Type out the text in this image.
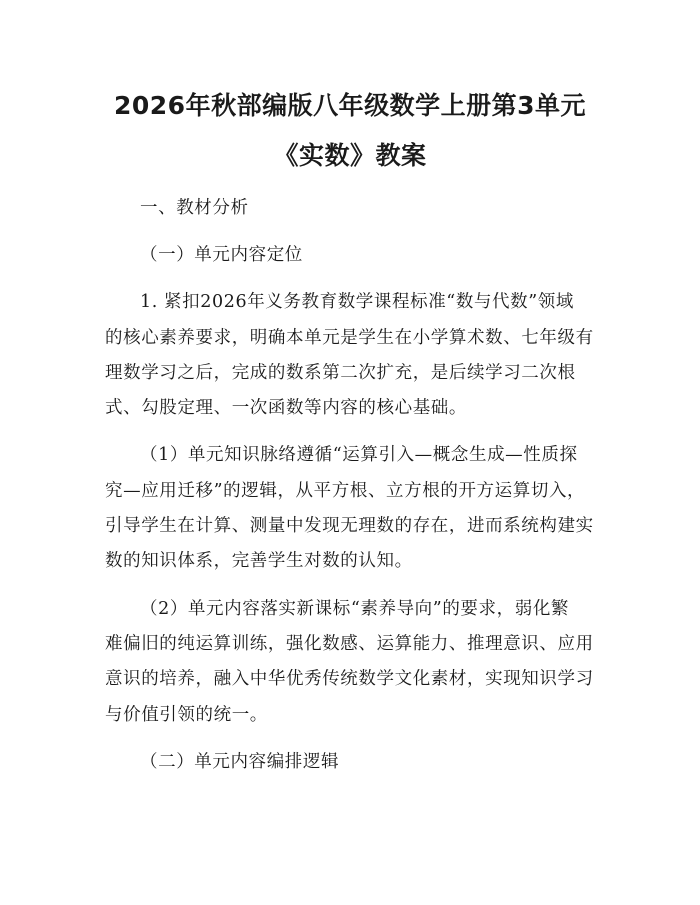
2026年秋部编版八年级数学上册第3单元
《实数》教案
一、教材分析
（一）单元内容定位
1. 紧扣2026年义务教育数学课程标准“数与代数”领域
的核心素养要求，明确本单元是学生在小学算术数、七年级有
理数学习之后，完成的数系第二次扩充，是后续学习二次根
式、勾股定理、一次函数等内容的核心基础。
（1）单元知识脉络遵循“运算引入—概念生成—性质探
究—应用迁移”的逻辑，从平方根、立方根的开方运算切入，
引导学生在计算、测量中发现无理数的存在，进而系统构建实
数的知识体系，完善学生对数的认知。
（2）单元内容落实新课标“素养导向”的要求，弱化繁
难偏旧的纯运算训练，强化数感、运算能力、推理意识、应用
意识的培养，融入中华优秀传统数学文化素材，实现知识学习
与价值引领的统一。
（二）单元内容编排逻辑
